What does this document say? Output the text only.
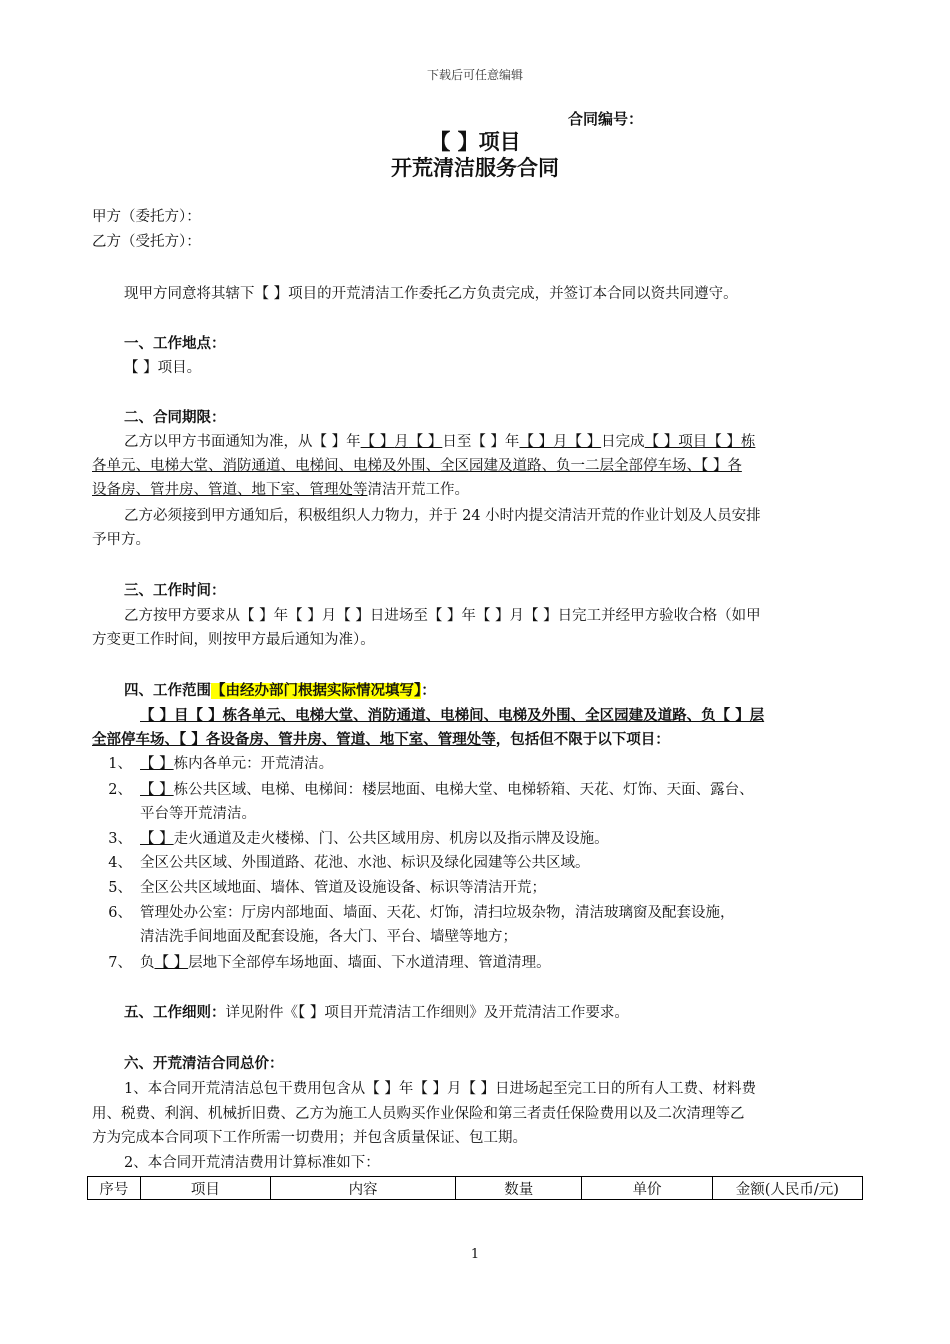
下载后可任意编辑
合同编号：
【 】项目
开荒清洁服务合同
甲方（委托方）：
乙方（受托方）：
现甲方同意将其辖下【 】项目的开荒清洁工作委托乙方负责完成，并签订本合同以资共同遵守。
一、工作地点：
【 】项目。
二、合同期限：
乙方以甲方书面通知为准，从【 】年【 】月【 】日至【 】年【 】月【 】日完成【 】项目【 】栋
各单元、电梯大堂、消防通道、电梯间、电梯及外围、全区园建及道路、负一二层全部停车场、【 】各
设备房、管井房、管道、地下室、管理处等清洁开荒工作。
乙方必须接到甲方通知后，积极组织人力物力，并于 24 小时内提交清洁开荒的作业计划及人员安排
予甲方。
三、工作时间：
乙方按甲方要求从【 】年【 】月【 】日进场至【 】年【 】月【 】日完工并经甲方验收合格（如甲
方变更工作时间，则按甲方最后通知为准）。
四、工作范围【由经办部门根据实际情况填写】：
【 】目【 】栋各单元、电梯大堂、消防通道、电梯间、电梯及外围、全区园建及道路、负【 】层
全部停车场、【 】各设备房、管井房、管道、地下室、管理处等，包括但不限于以下项目：
1、 【 】栋内各单元：开荒清洁。
2、 【 】栋公共区域、电梯、电梯间：楼层地面、电梯大堂、电梯轿箱、天花、灯饰、天面、露台、
平台等开荒清洁。
3、 【 】走火通道及走火楼梯、门、公共区域用房、机房以及指示牌及设施。
4、 全区公共区域、外围道路、花池、水池、标识及绿化园建等公共区域。
5、 全区公共区域地面、墙体、管道及设施设备、标识等清洁开荒；
6、 管理处办公室：厅房内部地面、墙面、天花、灯饰，清扫垃圾杂物，清洁玻璃窗及配套设施，
清洁洗手间地面及配套设施，各大门、平台、墙壁等地方；
7、 负【 】层地下全部停车场地面、墙面、下水道清理、管道清理。
五、工作细则：详见附件《【 】项目开荒清洁工作细则》及开荒清洁工作要求。
六、开荒清洁合同总价：
1、本合同开荒清洁总包干费用包含从【 】年【 】月【 】日进场起至完工日的所有人工费、材料费
用、税费、利润、机械折旧费、乙方为施工人员购买作业保险和第三者责任保险费用以及二次清理等乙
方为完成本合同项下工作所需一切费用；并包含质量保证、包工期。
2、本合同开荒清洁费用计算标准如下：
序号	项目	内容	数量	单价	金额(人民币/元)
1
